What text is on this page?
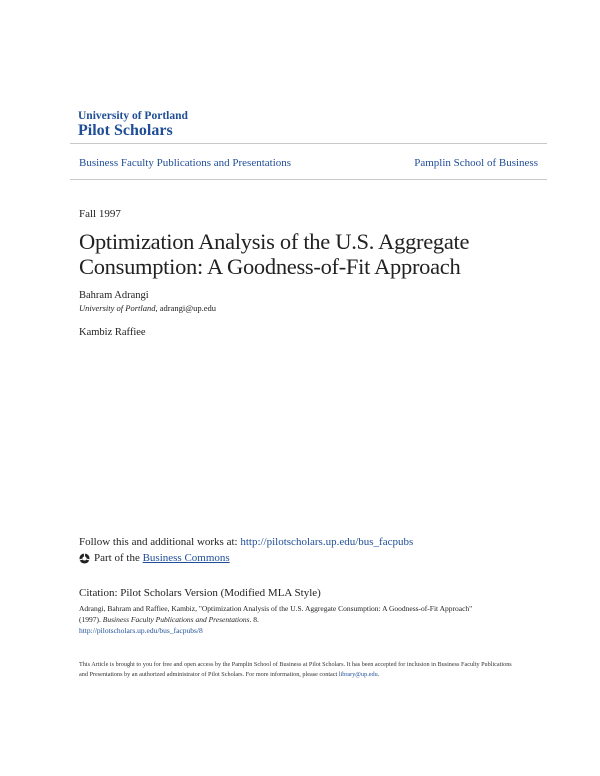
University of Portland
Pilot Scholars
Business Faculty Publications and Presentations	Pamplin School of Business
Fall 1997
Optimization Analysis of the U.S. Aggregate Consumption: A Goodness-of-Fit Approach
Bahram Adrangi
University of Portland, adrangi@up.edu
Kambiz Raffiee
Follow this and additional works at: http://pilotscholars.up.edu/bus_facpubs
Part of the
Business Commons
Citation: Pilot Scholars Version (Modified MLA Style)
Adrangi, Bahram and Raffiee, Kambiz, "Optimization Analysis of the U.S. Aggregate Consumption: A Goodness-of-Fit Approach"
(1997). Business Faculty Publications and Presentations. 8.
http://pilotscholars.up.edu/bus_facpubs/8
This Article is brought to you for free and open access by the Pamplin School of Business at Pilot Scholars. It has been accepted for inclusion in Business Faculty Publications and Presentations by an authorized administrator of Pilot Scholars. For more information, please contact library@up.edu.
